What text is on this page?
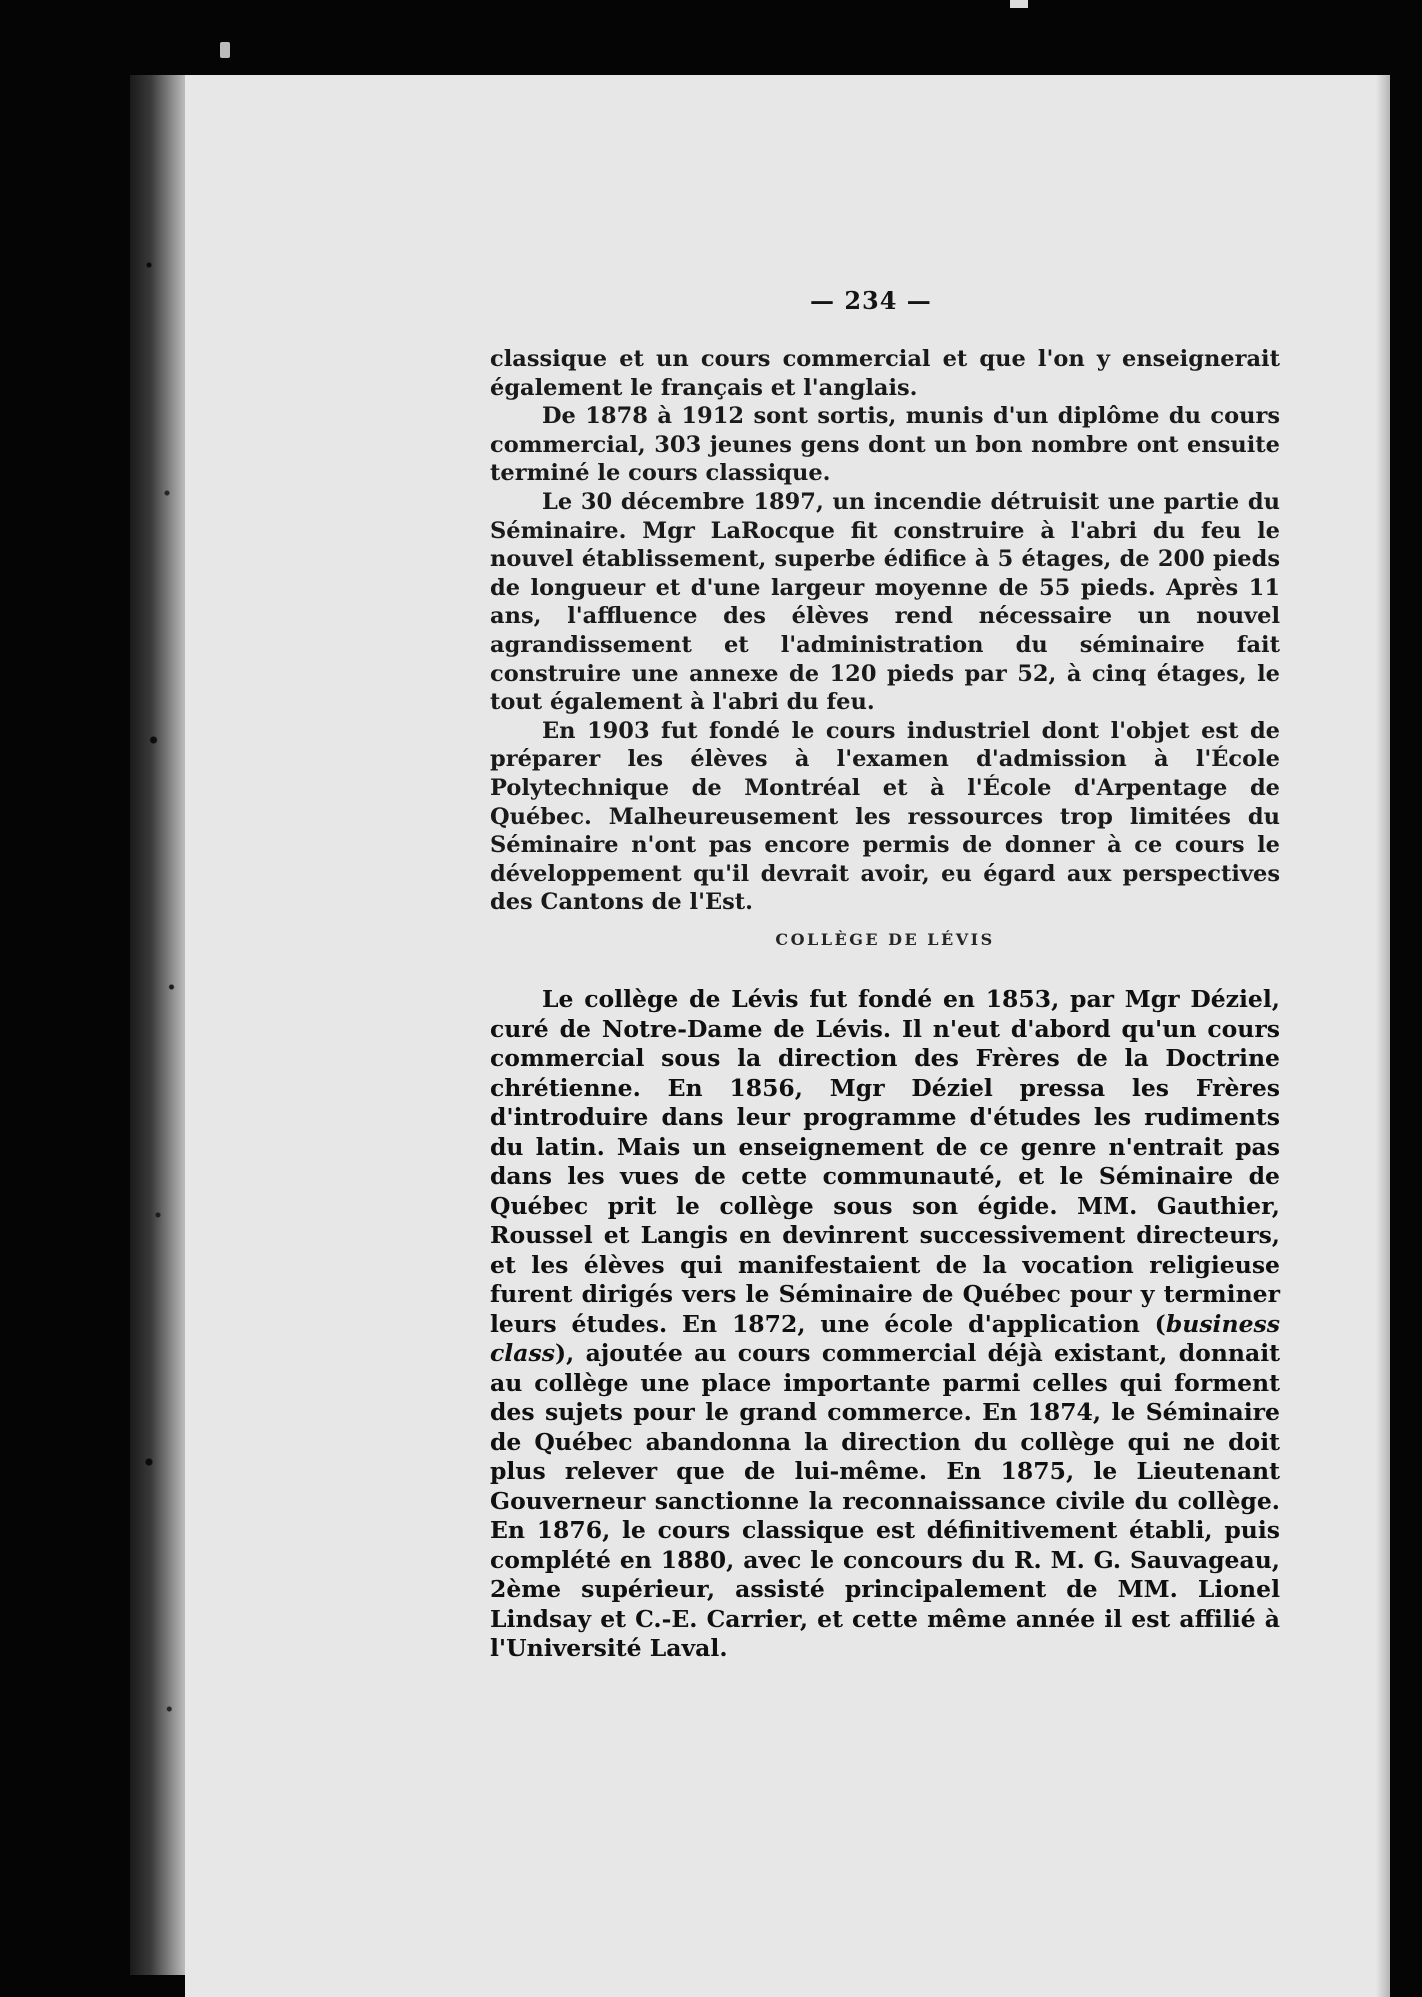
— 234 —

classique et un cours commercial et que l'on y enseignerait également le français et l'anglais.

De 1878 à 1912 sont sortis, munis d'un diplôme du cours commercial, 303 jeunes gens dont un bon nombre ont ensuite terminé le cours classique.

Le 30 décembre 1897, un incendie détruisit une partie du Séminaire. Mgr LaRocque fit construire à l'abri du feu le nouvel établissement, superbe édifice à 5 étages, de 200 pieds de longueur et d'une largeur moyenne de 55 pieds. Après 11 ans, l'affluence des élèves rend nécessaire un nouvel agrandissement et l'administration du séminaire fait construire une annexe de 120 pieds par 52, à cinq étages, le tout également à l'abri du feu.

En 1903 fut fondé le cours industriel dont l'objet est de préparer les élèves à l'examen d'admission à l'École Polytechnique de Montréal et à l'École d'Arpentage de Québec. Malheureusement les ressources trop limitées du Séminaire n'ont pas encore permis de donner à ce cours le développement qu'il devrait avoir, eu égard aux perspectives des Cantons de l'Est.

COLLÈGE DE LÉVIS

Le collège de Lévis fut fondé en 1853, par Mgr Déziel, curé de Notre-Dame de Lévis. Il n'eut d'abord qu'un cours commercial sous la direction des Frères de la Doctrine chrétienne. En 1856, Mgr Déziel pressa les Frères d'introduire dans leur programme d'études les rudiments du latin. Mais un enseignement de ce genre n'entrait pas dans les vues de cette communauté, et le Séminaire de Québec prit le collège sous son égide. MM. Gauthier, Roussel et Langis en devinrent successivement directeurs, et les élèves qui manifestaient de la vocation religieuse furent dirigés vers le Séminaire de Québec pour y terminer leurs études. En 1872, une école d'application (business class), ajoutée au cours commercial déjà existant, donnait au collège une place importante parmi celles qui forment des sujets pour le grand commerce. En 1874, le Séminaire de Québec abandonna la direction du collège qui ne doit plus relever que de lui-même. En 1875, le Lieutenant Gouverneur sanctionne la reconnaissance civile du collège. En 1876, le cours classique est définitivement établi, puis complété en 1880, avec le concours du R. M. G. Sauvageau, 2ème supérieur, assisté principalement de MM. Lionel Lindsay et C.-E. Carrier, et cette même année il est affilié à l'Université Laval.
